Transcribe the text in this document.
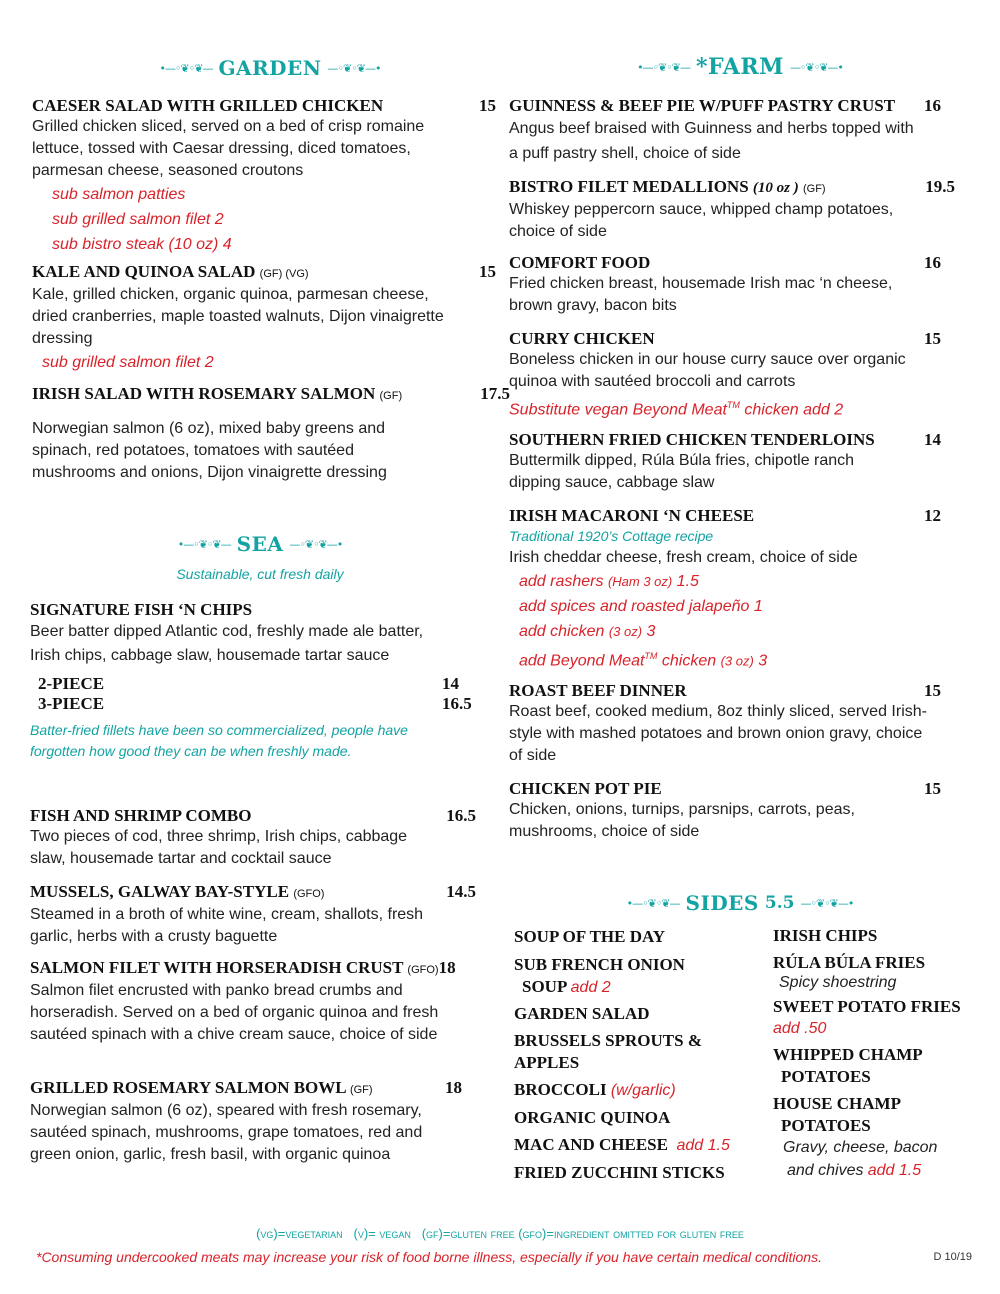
•—◦❦◦❦— GARDEN —◦❦◦❦—•
CAESER SALAD WITH GRILLED CHICKEN	15
Grilled chicken sliced, served on a bed of crisp romaine lettuce, tossed with Caesar dressing, diced tomatoes, parmesan cheese, seasoned croutons
sub salmon patties
sub grilled salmon filet 2
sub bistro steak (10 oz) 4
KALE AND QUINOA SALAD (GF) (VG)	15
Kale, grilled chicken, organic quinoa, parmesan cheese, dried cranberries, maple toasted walnuts, Dijon vinaigrette dressing
sub grilled salmon filet 2
IRISH SALAD WITH ROSEMARY SALMON (GF)	17.5
Norwegian salmon (6 oz), mixed baby greens and spinach, red potatoes, tomatoes with sautéed mushrooms and onions, Dijon vinaigrette dressing
•—◦❦◦❦— SEA —◦❦◦❦—•
Sustainable, cut fresh daily
SIGNATURE FISH ‘N CHIPS
Beer batter dipped Atlantic cod, freshly made ale batter, Irish chips, cabbage slaw, housemade tartar sauce
2-PIECE	14
3-PIECE	16.5
Batter-fried fillets have been so commercialized, people have forgotten how good they can be when freshly made.
FISH AND SHRIMP COMBO	16.5
Two pieces of cod, three shrimp, Irish chips, cabbage slaw, housemade tartar and cocktail sauce
MUSSELS, GALWAY BAY-STYLE (GFO)	14.5
Steamed in a broth of white wine, cream, shallots, fresh garlic, herbs with a crusty baguette
SALMON FILET WITH HORSERADISH CRUST (GFO) 18
Salmon filet encrusted with panko bread crumbs and horseradish. Served on a bed of organic quinoa and fresh sautéed spinach with a chive cream sauce, choice of side
GRILLED ROSEMARY SALMON BOWL (GF)	18
Norwegian salmon (6 oz), speared with fresh rosemary, sautéed spinach, mushrooms, grape tomatoes, red and green onion, garlic, fresh basil, with organic quinoa
•—◦❦◦❦— *FARM —◦❦◦❦—•
GUINNESS & BEEF PIE W/PUFF PASTRY CRUST 16
Angus beef braised with Guinness and herbs topped with a puff pastry shell, choice of side
BISTRO FILET MEDALLIONS (10 oz ) (GF)	19.5
Whiskey peppercorn sauce, whipped champ potatoes, choice of side
COMFORT FOOD	16
Fried chicken breast, housemade Irish mac ‘n cheese, brown gravy, bacon bits
CURRY CHICKEN	15
Boneless chicken in our house curry sauce over organic quinoa with sautéed broccoli and carrots
Substitute vegan Beyond Meat™ chicken add 2
SOUTHERN FRIED CHICKEN TENDERLOINS	14
Buttermilk dipped, Rúla Búla fries, chipotle ranch dipping sauce, cabbage slaw
IRISH MACARONI ‘N CHEESE	12
Traditional 1920’s Cottage recipe
Irish cheddar cheese, fresh cream, choice of side
add rashers (Ham 3 oz) 1.5
add spices and roasted jalapeño 1
add chicken (3 oz) 3
add Beyond Meat™ chicken (3 oz) 3
ROAST BEEF DINNER	15
Roast beef, cooked medium, 8oz thinly sliced, served Irish-style with mashed potatoes and brown onion gravy, choice of side
CHICKEN POT PIE	15
Chicken, onions, turnips, parsnips, carrots, peas, mushrooms, choice of side
•—◦❦◦❦— SIDES 5.5 —◦❦◦❦—•
SOUP OF THE DAY
SUB FRENCH ONION
SOUP add 2
GARDEN SALAD
BRUSSELS SPROUTS &
APPLES
BROCCOLI (w/garlic)
ORGANIC QUINOA
MAC AND CHEESE add 1.5
FRIED ZUCCHINI STICKS
IRISH CHIPS
RÚLA BÚLA FRIES
Spicy shoestring
SWEET POTATO FRIES
add .50
WHIPPED CHAMP
POTATOES
HOUSE CHAMP
POTATOES
Gravy, cheese, bacon
and chives add 1.5
(vg)=vegetarian   (v)= vegan   (gf)=gluten free (gfo)=ingredient omitted for gluten free
*Consuming undercooked meats may increase your risk of food borne illness, especially if you have certain medical conditions.	D 10/19
